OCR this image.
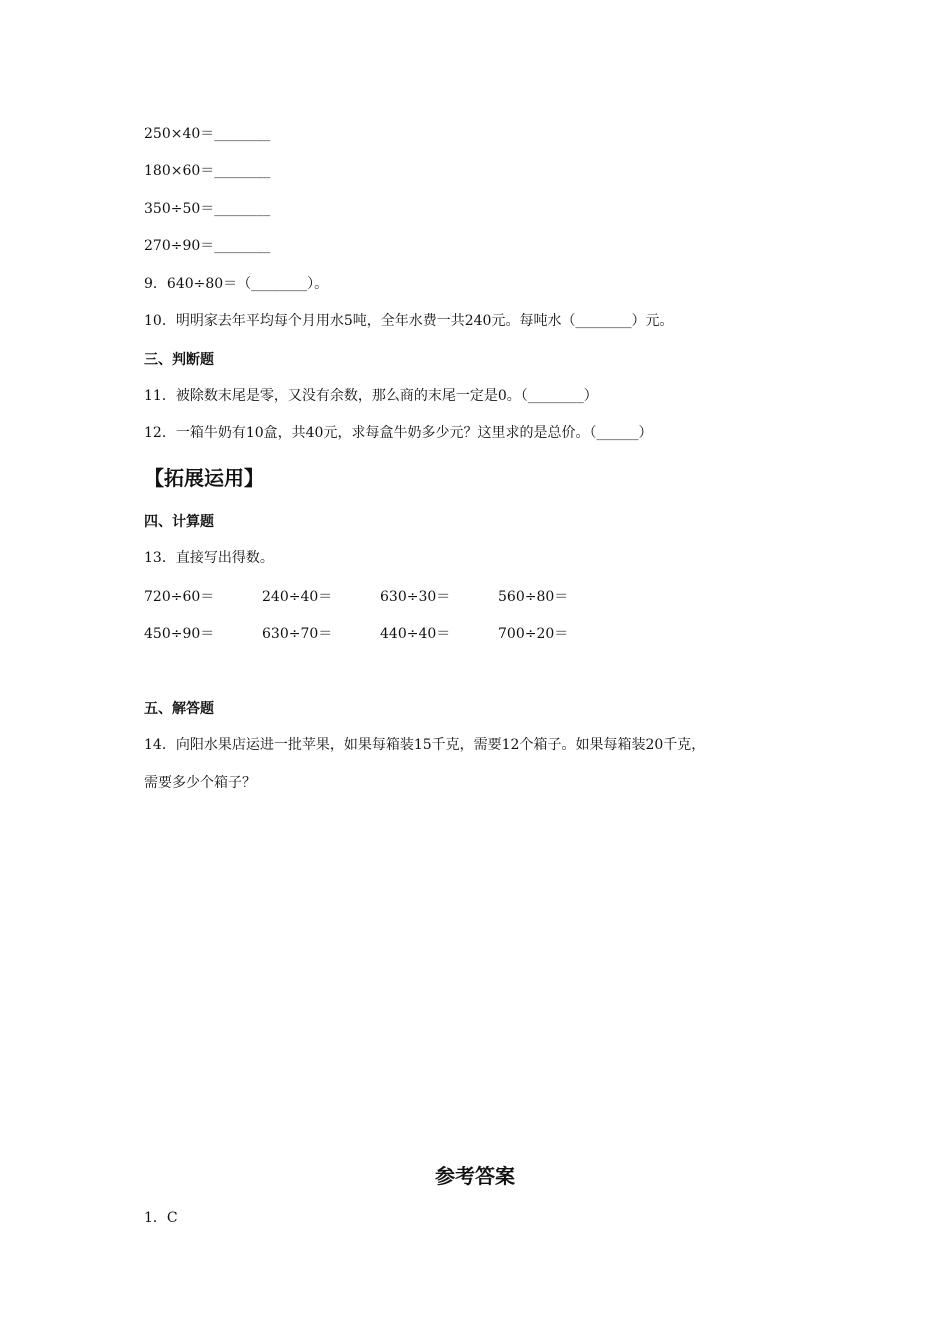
250×40＝________
180×60＝________
350÷50＝________
270÷90＝________
9．640÷80＝（________）。
10．明明家去年平均每个月用水5吨，全年水费一共240元。每吨水（________）元。
三、判断题
11．被除数末尾是零，又没有余数，那么商的末尾一定是0。（________）
12．一箱牛奶有10盒，共40元，求每盒牛奶多少元？这里求的是总价。（______）
【拓展运用】
四、计算题
13．直接写出得数。
720÷60＝	240÷40＝	630÷30＝	560÷80＝
450÷90＝	630÷70＝	440÷40＝	700÷20＝
五、解答题
14．向阳水果店运进一批苹果，如果每箱装15千克，需要12个箱子。如果每箱装20千克，
需要多少个箱子？
参考答案
1．C
